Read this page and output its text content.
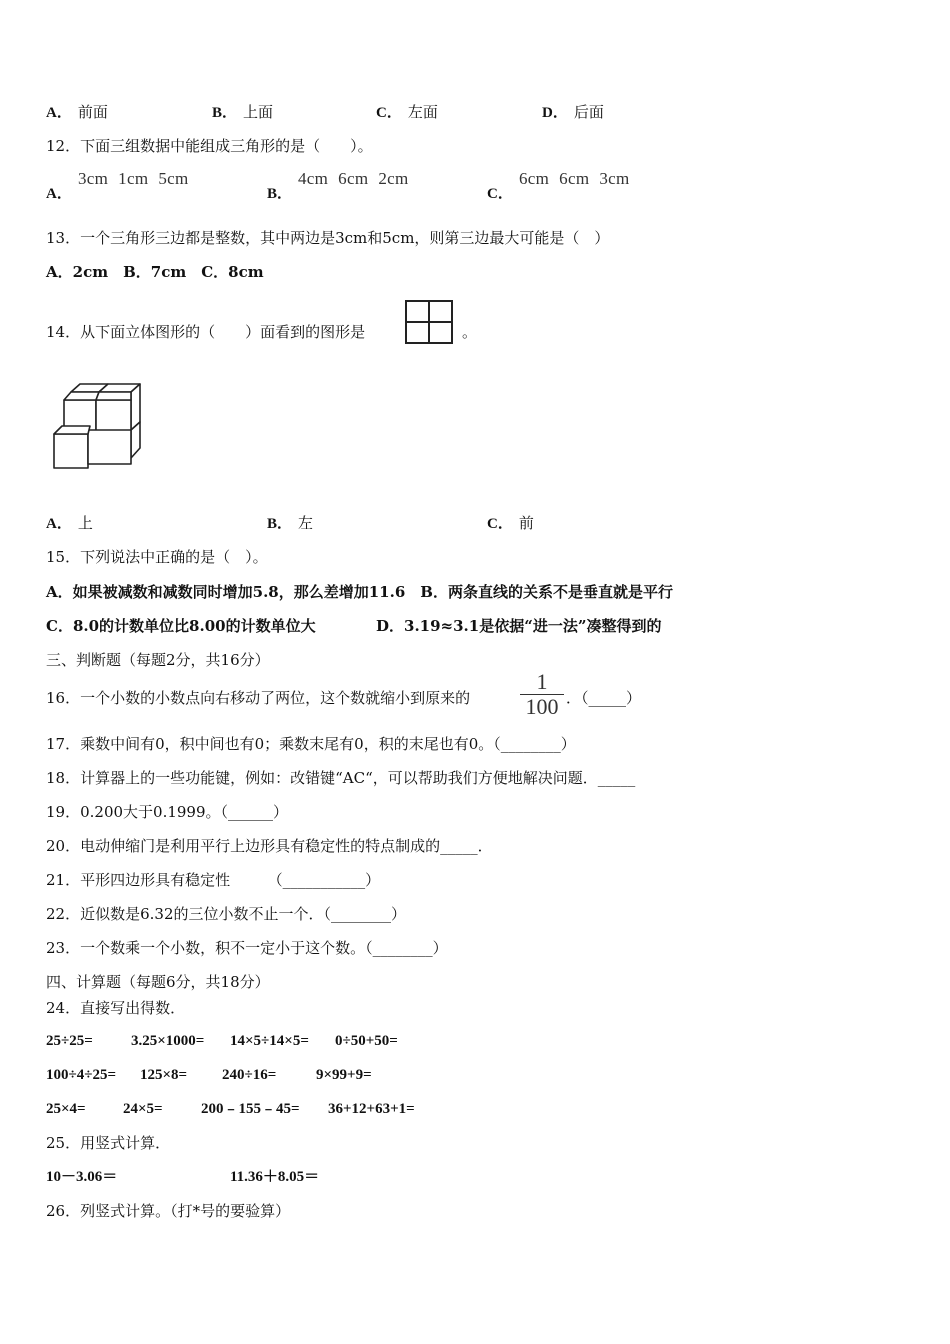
A． 前面	B． 上面	C． 左面	D． 后面
12．下面三组数据中能组成三角形的是（　　）。
A．
3cm 1cm 5cm
B．
4cm 6cm 2cm
C．
6cm 6cm 3cm
13．一个三角形三边都是整数，其中两边是3cm和5cm，则第三边最大可能是（　）
A．2cm　B．7cm　C．8cm
14．从下面立体图形的（　　）面看到的图形是	。
A． 上	B． 左	C． 前
15．下列说法中正确的是（　）。
A．如果被减数和减数同时增加5.8，那么差增加11.6　B．两条直线的关系不是垂直就是平行
C．8.0的计数单位比8.00的计数单位大	D．3.19≈3.1是依据“进一法”凑整得到的
三、判断题（每题2分，共16分）
16．一个小数的小数点向右移动了两位，这个数就缩小到原来的 $\frac{1}{100}$ ．（_____）
17．乘数中间有0，积中间也有0；乘数末尾有0，积的末尾也有0。（________）
18．计算器上的一些功能键，例如：改错键“AC“，可以帮助我们方便地解决问题．_____
19．0.200大于0.1999。（______）
20．电动伸缩门是利用平行上边形具有稳定性的特点制成的_____．
21．平形四边形具有稳定性　　　（___________）
22．近似数是6.32的三位小数不止一个．（________）
23．一个数乘一个小数，积不一定小于这个数。（________）
四、计算题（每题6分，共18分）
24．直接写出得数．
25÷25=	3.25×1000= 14×5÷14×5= 0÷50+50=
100÷4÷25= 125×8= 240÷16=	9×99+9=
25×4= 24×5=	200﹣155﹣45= 36+12+63+1=
25．用竖式计算．
10－3.06＝	11.36＋8.05＝
26．列竖式计算。（打*号的要验算）
